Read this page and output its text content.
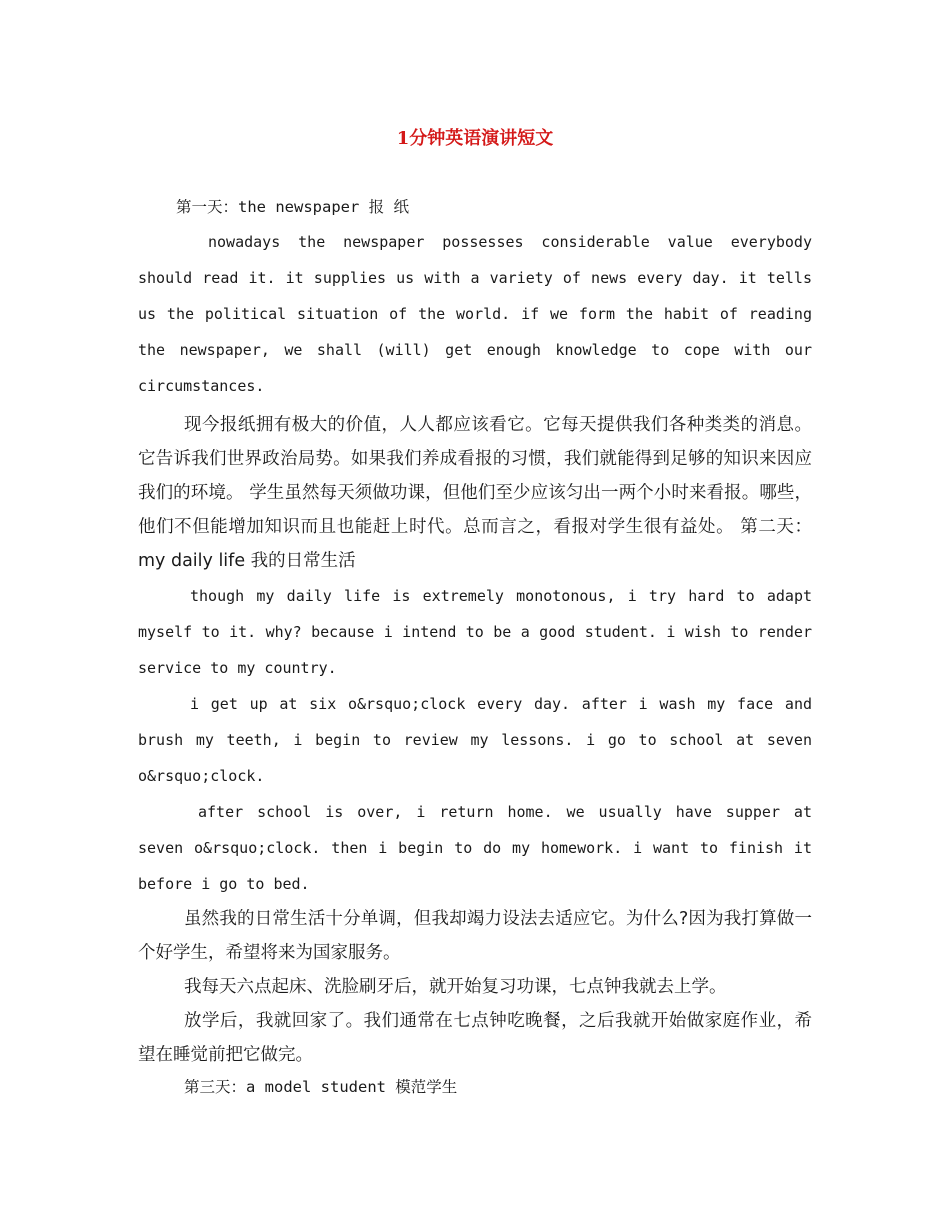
1分钟英语演讲短文

第一天：the newspaper 报 纸

nowadays the newspaper possesses considerable value everybody should read it. it supplies us with a variety of news every day. it tells us the political situation of the world. if we form the habit of reading the newspaper, we shall (will) get enough knowledge to cope with our circumstances.

现今报纸拥有极大的价值，人人都应该看它。它每天提供我们各种类类的消息。它告诉我们世界政治局势。如果我们养成看报的习惯，我们就能得到足够的知识来因应我们的环境。 学生虽然每天须做功课，但他们至少应该匀出一两个小时来看报。哪些，他们不但能增加知识而且也能赶上时代。总而言之，看报对学生很有益处。 第二天：my daily life 我的日常生活

though my daily life is extremely monotonous, i try hard to adapt myself to it. why? because i intend to be a good student. i wish to render service to my country.

i get up at six o&rsquo;clock every day. after i wash my face and brush my teeth, i begin to review my lessons. i go to school at seven o&rsquo;clock.

after school is over, i return home. we usually have supper at seven o&rsquo;clock. then i begin to do my homework. i want to finish it before i go to bed.

虽然我的日常生活十分单调，但我却竭力设法去适应它。为什么?因为我打算做一个好学生，希望将来为国家服务。

我每天六点起床、洗脸刷牙后，就开始复习功课，七点钟我就去上学。

放学后，我就回家了。我们通常在七点钟吃晚餐，之后我就开始做家庭作业，希望在睡觉前把它做完。

第三天：a model student 模范学生
